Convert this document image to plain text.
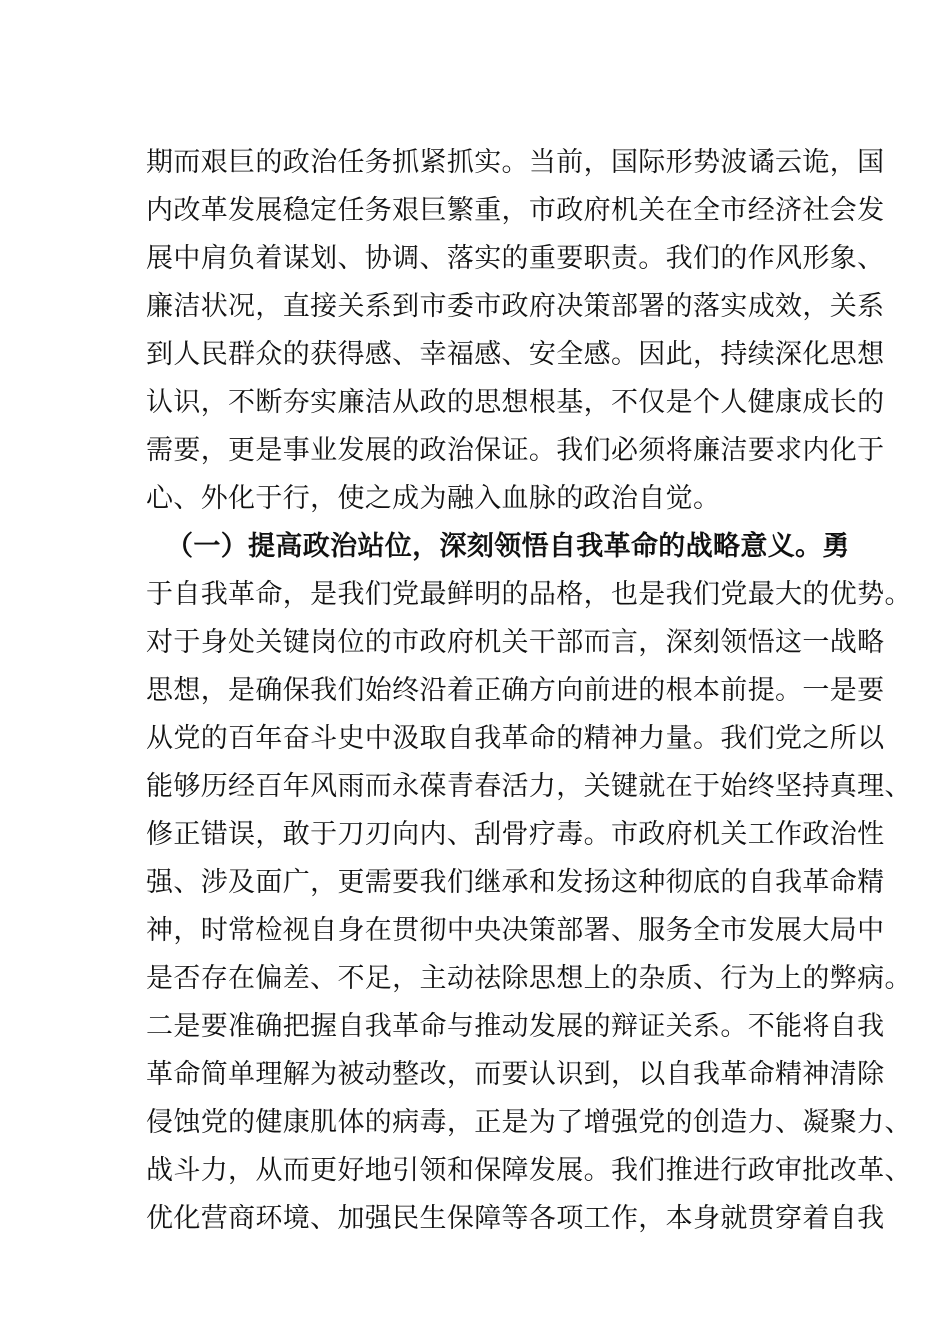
期而艰巨的政治任务抓紧抓实。当前，国际形势波谲云诡，国
内改革发展稳定任务艰巨繁重，市政府机关在全市经济社会发
展中肩负着谋划、协调、落实的重要职责。我们的作风形象、
廉洁状况，直接关系到市委市政府决策部署的落实成效，关系
到人民群众的获得感、幸福感、安全感。因此，持续深化思想
认识，不断夯实廉洁从政的思想根基，不仅是个人健康成长的
需要，更是事业发展的政治保证。我们必须将廉洁要求内化于
心、外化于行，使之成为融入血脉的政治自觉。
（一）提高政治站位，深刻领悟自我革命的战略意义。勇
于自我革命，是我们党最鲜明的品格，也是我们党最大的优势。
对于身处关键岗位的市政府机关干部而言，深刻领悟这一战略
思想，是确保我们始终沿着正确方向前进的根本前提。一是要
从党的百年奋斗史中汲取自我革命的精神力量。我们党之所以
能够历经百年风雨而永葆青春活力，关键就在于始终坚持真理、
修正错误，敢于刀刃向内、刮骨疗毒。市政府机关工作政治性
强、涉及面广，更需要我们继承和发扬这种彻底的自我革命精
神，时常检视自身在贯彻中央决策部署、服务全市发展大局中
是否存在偏差、不足，主动祛除思想上的杂质、行为上的弊病。
二是要准确把握自我革命与推动发展的辩证关系。不能将自我
革命简单理解为被动整改，而要认识到，以自我革命精神清除
侵蚀党的健康肌体的病毒，正是为了增强党的创造力、凝聚力、
战斗力，从而更好地引领和保障发展。我们推进行政审批改革、
优化营商环境、加强民生保障等各项工作，本身就贯穿着自我
